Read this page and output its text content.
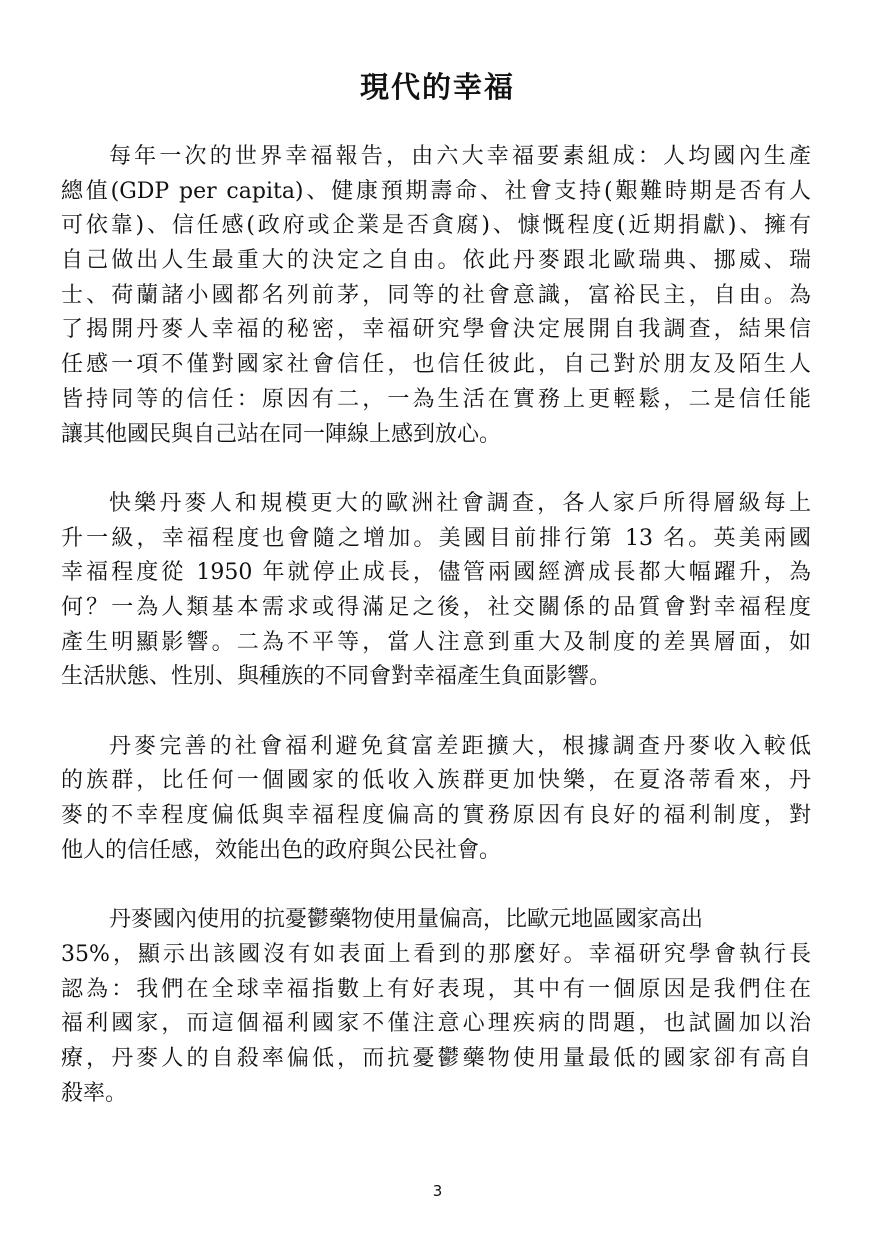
現代的幸福

每年一次的世界幸福報告，由六大幸福要素組成：人均國內生產
總值(GDP per capita)、健康預期壽命、社會支持(艱難時期是否有人
可依靠)、信任感(政府或企業是否貪腐)、慷慨程度(近期捐獻)、擁有
自己做出人生最重大的決定之自由。依此丹麥跟北歐瑞典、挪威、瑞
士、荷蘭諸小國都名列前茅，同等的社會意識，富裕民主，自由。為
了揭開丹麥人幸福的秘密，幸福研究學會決定展開自我調查，結果信
任感一項不僅對國家社會信任，也信任彼此，自己對於朋友及陌生人
皆持同等的信任：原因有二，一為生活在實務上更輕鬆，二是信任能
讓其他國民與自己站在同一陣線上感到放心。

快樂丹麥人和規模更大的歐洲社會調查，各人家戶所得層級每上
升一級，幸福程度也會隨之增加。美國目前排行第 13 名。英美兩國
幸福程度從 1950 年就停止成長，儘管兩國經濟成長都大幅躍升，為
何？一為人類基本需求或得滿足之後，社交關係的品質會對幸福程度
產生明顯影響。二為不平等，當人注意到重大及制度的差異層面，如
生活狀態、性別、與種族的不同會對幸福產生負面影響。

丹麥完善的社會福利避免貧富差距擴大，根據調查丹麥收入較低
的族群，比任何一個國家的低收入族群更加快樂，在夏洛蒂看來，丹
麥的不幸程度偏低與幸福程度偏高的實務原因有良好的福利制度，對
他人的信任感，效能出色的政府與公民社會。

丹麥國內使用的抗憂鬱藥物使用量偏高，比歐元地區國家高出
35%，顯示出該國沒有如表面上看到的那麼好。幸福研究學會執行長
認為：我們在全球幸福指數上有好表現，其中有一個原因是我們住在
福利國家，而這個福利國家不僅注意心理疾病的問題，也試圖加以治
療，丹麥人的自殺率偏低，而抗憂鬱藥物使用量最低的國家卻有高自
殺率。

3
